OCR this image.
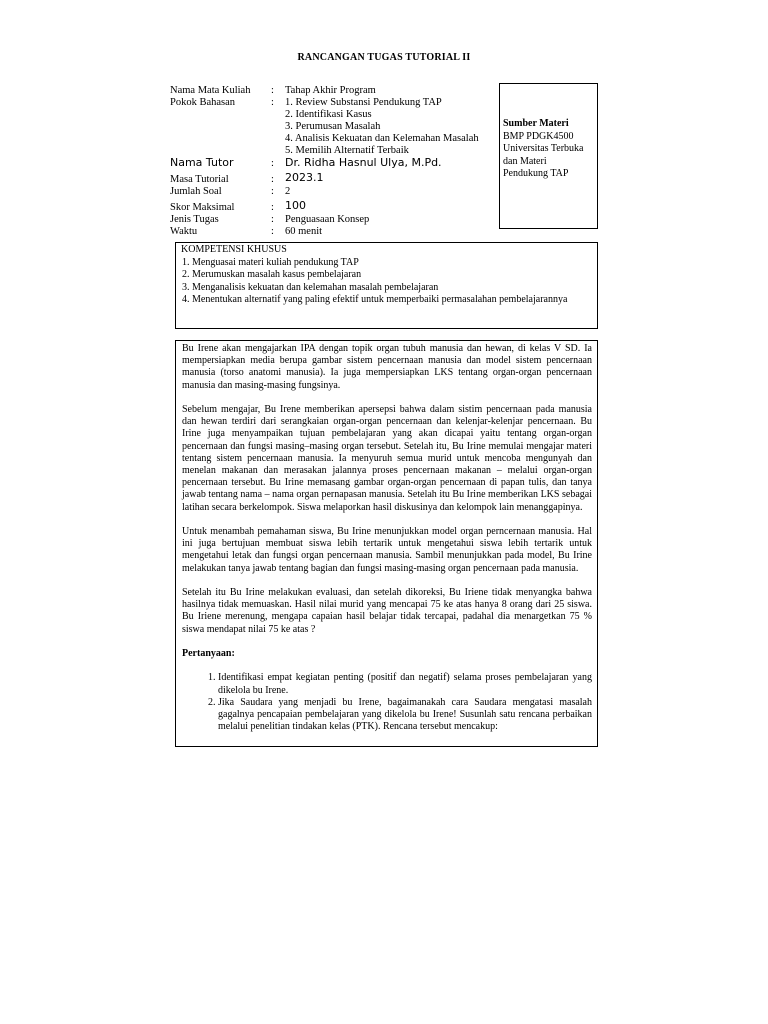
RANCANGAN TUGAS TUTORIAL II
Nama Mata Kuliah : Tahap Akhir Program
Pokok Bahasan	: 1. Review Substansi Pendukung TAP
2. Identifikasi Kasus
3. Perumusan Masalah
4. Analisis Kekuatan dan Kelemahan Masalah
5. Memilih Alternatif Terbaik
Nama Tutor	: Dr. Ridha Hasnul Ulya, M.Pd.
Masa Tutorial	: 2023.1
Jumlah Soal	: 2
Skor Maksimal	: 100
Jenis Tugas	: Penguasaan Konsep
Waktu	: 60 menit
Sumber Materi
BMP PDGK4500
Universitas Terbuka
dan Materi
Pendukung TAP
KOMPETENSI KHUSUS
1. Menguasai materi kuliah pendukung TAP
2. Merumuskan masalah kasus pembelajaran
3. Menganalisis kekuatan dan kelemahan masalah pembelajaran
4. Menentukan alternatif yang paling efektif untuk memperbaiki permasalahan pembelajarannya

Bu Irene akan mengajarkan IPA dengan topik organ tubuh manusia dan hewan, di kelas V SD. Ia mempersiapkan media berupa gambar sistem pencernaan manusia dan model sistem pencernaan manusia (torso anatomi manusia). Ia juga mempersiapkan LKS tentang organ-organ pencernaan manusia dan masing-masing fungsinya.

Sebelum mengajar, Bu Irene memberikan apersepsi bahwa dalam sistim pencernaan pada manusia dan hewan terdiri dari serangkaian organ-organ pencernaan dan kelenjar-kelenjar pencernaan. Bu Irine juga menyampaikan tujuan pembelajaran yang akan dicapai yaitu tentang organ-organ pencernaan dan fungsi masing–masing organ tersebut. Setelah itu, Bu Irine memulai mengajar materi tentang sistem pencernaan manusia. Ia menyuruh semua murid untuk mencoba mengunyah dan menelan makanan dan merasakan jalannya proses pencernaan makanan – melalui organ-organ pencernaan tersebut. Bu Irine memasang gambar organ-organ pencernaan di papan tulis, dan tanya jawab tentang nama – nama organ pernapasan manusia. Setelah itu Bu Irine memberikan LKS sebagai latihan secara berkelompok. Siswa melaporkan hasil diskusinya dan kelompok lain menanggapinya.

Untuk menambah pemahaman siswa, Bu Irine menunjukkan model organ perncernaan manusia. Hal ini juga bertujuan membuat siswa lebih tertarik untuk mengetahui siswa lebih tertarik untuk mengetahui letak dan fungsi organ pencernaan manusia. Sambil menunjukkan pada model, Bu Irine melakukan tanya jawab tentang bagian dan fungsi masing-masing organ pencernaan pada manusia.

Setelah itu Bu Irine melakukan evaluasi, dan setelah dikoreksi, Bu Iriene tidak menyangka bahwa hasilnya tidak memuaskan. Hasil nilai murid yang mencapai 75 ke atas hanya 8 orang dari 25 siswa. Bu Iriene merenung, mengapa capaian hasil belajar tidak tercapai, padahal dia menargetkan 75 % siswa mendapat nilai 75 ke atas ?

Pertanyaan:
1. Identifikasi empat kegiatan penting (positif dan negatif) selama proses pembelajaran yang dikelola bu Irene.
2. Jika Saudara yang menjadi bu Irene, bagaimanakah cara Saudara mengatasi masalah gagalnya pencapaian pembelajaran yang dikelola bu Irene! Susunlah satu rencana perbaikan melalui penelitian tindakan kelas (PTK). Rencana tersebut mencakup:
